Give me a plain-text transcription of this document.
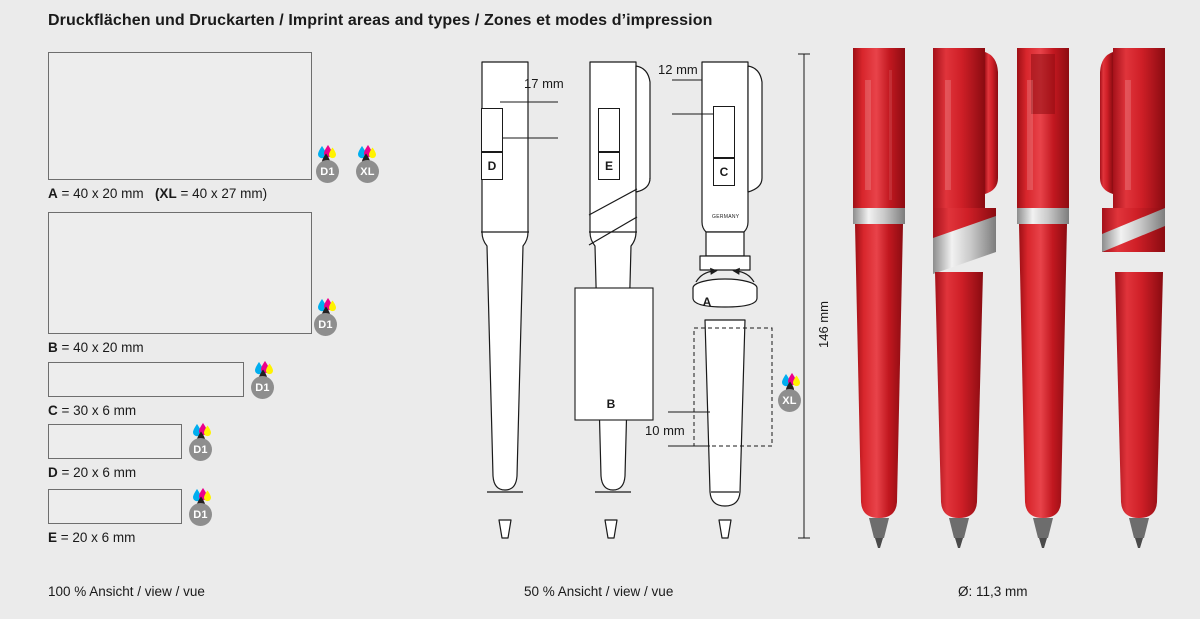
Druckflächen und Druckarten / Imprint areas and types / Zones et modes d’impression
A = 40 x 20 mm (XL = 40 x 27 mm)
D1	XL
B = 40 x 20 mm
D1
C = 30 x 6 mm
D1
D = 20 x 6 mm
D1
E = 20 x 6 mm
D1
D	E	C
B
A
17 mm
12 mm
10 mm
146 mm
GERMANY
XL
100 % Ansicht / view / vue	50 % Ansicht / view / vue	Ø: 11,3 mm
